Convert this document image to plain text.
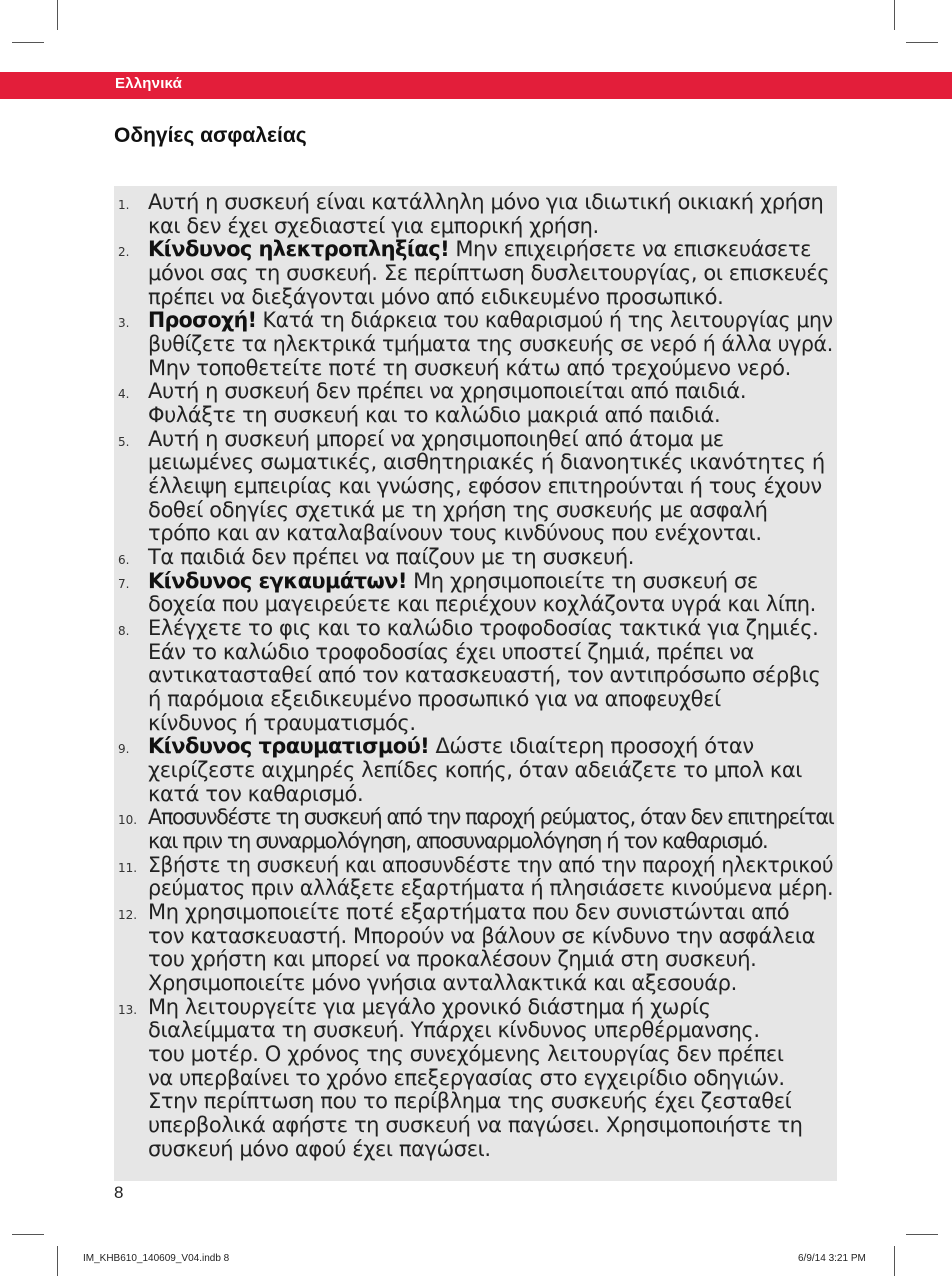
Ελληνικά
Οδηγίες ασφαλείας
1. Αυτή η συσκευή είναι κατάλληλη μόνο για ιδιωτική οικιακή χρήση
και δεν έχει σχεδιαστεί για εμπορική χρήση.
2. Κίνδυνος ηλεκτροπληξίας! Μην επιχειρήσετε να επισκευάσετε
μόνοι σας τη συσκευή. Σε περίπτωση δυσλειτουργίας, οι επισκευές
πρέπει να διεξάγονται μόνο από ειδικευμένο προσωπικό.
3. Προσοχή! Κατά τη διάρκεια του καθαρισμού ή της λειτουργίας μην
βυθίζετε τα ηλεκτρικά τμήματα της συσκευής σε νερό ή άλλα υγρά.
Μην τοποθετείτε ποτέ τη συσκευή κάτω από τρεχούμενο νερό.
4. Αυτή η συσκευή δεν πρέπει να χρησιμοποιείται από παιδιά.
Φυλάξτε τη συσκευή και το καλώδιο μακριά από παιδιά.
5. Αυτή η συσκευή μπορεί να χρησιμοποιηθεί από άτομα με
μειωμένες σωματικές, αισθητηριακές ή διανοητικές ικανότητες ή
έλλειψη εμπειρίας και γνώσης, εφόσον επιτηρούνται ή τους έχουν
δοθεί οδηγίες σχετικά με τη χρήση της συσκευής με ασφαλή
τρόπο και αν καταλαβαίνουν τους κινδύνους που ενέχονται.
6. Τα παιδιά δεν πρέπει να παίζουν με τη συσκευή.
7. Κίνδυνος εγκαυμάτων! Μη χρησιμοποιείτε τη συσκευή σε
δοχεία που μαγειρεύετε και περιέχουν κοχλάζοντα υγρά και λίπη.
8. Ελέγχετε το φις και το καλώδιο τροφοδοσίας τακτικά για ζημιές.
Εάν το καλώδιο τροφοδοσίας έχει υποστεί ζημιά, πρέπει να
αντικατασταθεί από τον κατασκευαστή, τον αντιπρόσωπο σέρβις
ή παρόμοια εξειδικευμένο προσωπικό για να αποφευχθεί
κίνδυνος ή τραυματισμός.
9. Κίνδυνος τραυματισμού! Δώστε ιδιαίτερη προσοχή όταν
χειρίζεστε αιχμηρές λεπίδες κοπής, όταν αδειάζετε το μπολ και
κατά τον καθαρισμό.
10. Αποσυνδέστε τη συσκευή από την παροχή ρεύματος, όταν δεν επιτηρείται
και πριν τη συναρμολόγηση, αποσυναρμολόγηση ή τον καθαρισμό.
11. Σβήστε τη συσκευή και αποσυνδέστε την από την παροχή ηλεκτρικού
ρεύματος πριν αλλάξετε εξαρτήματα ή πλησιάσετε κινούμενα μέρη.
12. Μη χρησιμοποιείτε ποτέ εξαρτήματα που δεν συνιστώνται από
τον κατασκευαστή. Μπορούν να βάλουν σε κίνδυνο την ασφάλεια
του χρήστη και μπορεί να προκαλέσουν ζημιά στη συσκευή.
Χρησιμοποιείτε μόνο γνήσια ανταλλακτικά και αξεσουάρ.
13. Μη λειτουργείτε για μεγάλο χρονικό διάστημα ή χωρίς
διαλείμματα τη συσκευή. Υπάρχει κίνδυνος υπερθέρμανσης.
του μοτέρ. Ο χρόνος της συνεχόμενης λειτουργίας δεν πρέπει
να υπερβαίνει το χρόνο επεξεργασίας στο εγχειρίδιο οδηγιών.
Στην περίπτωση που το περίβλημα της συσκευής έχει ζεσταθεί
υπερβολικά αφήστε τη συσκευή να παγώσει. Χρησιμοποιήστε τη
συσκευή μόνο αφού έχει παγώσει.
8
IM_KHB610_140609_V04.indb 8	6/9/14 3:21 PM
